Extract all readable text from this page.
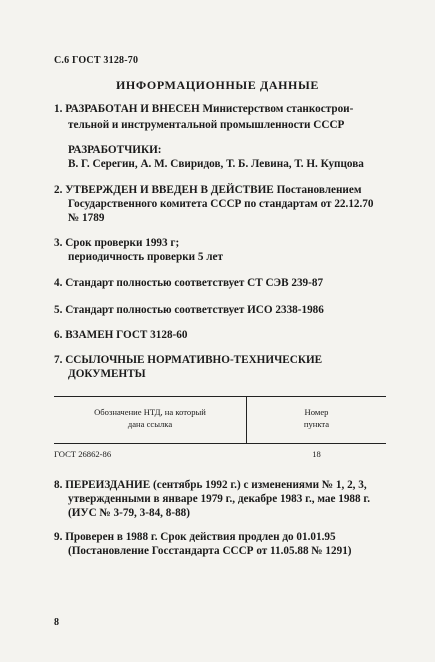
С.6 ГОСТ 3128-70
ИНФОРМАЦИОННЫЕ ДАННЫЕ
1. РАЗРАБОТАН И ВНЕСЕН Министерством станкострои-
тельной и инструментальной промышленности СССР
РАЗРАБОТЧИКИ:
В. Г. Серегин, А. М. Свиридов, Т. Б. Левина, Т. Н. Купцова
2. УТВЕРЖДЕН И ВВЕДЕН В ДЕЙСТВИЕ Постановлением
Государственного комитета СССР по стандартам от 22.12.70
№ 1789
3. Срок проверки 1993 г;
периодичность проверки 5 лет
4. Стандарт полностью соответствует СТ СЭВ 239-87
5. Стандарт полностью соответствует ИСО 2338-1986
6. ВЗАМЕН ГОСТ 3128-60
7. ССЫЛОЧНЫЕ НОРМАТИВНО-ТЕХНИЧЕСКИЕ
ДОКУМЕНТЫ
Обозначение НТД, на который
дана ссылка
Номер
пункта
ГОСТ 26862-86	18
8. ПЕРЕИЗДАНИЕ (сентябрь 1992 г.) с изменениями № 1, 2, 3,
утвержденными в январе 1979 г., декабре 1983 г., мае 1988 г.
(ИУС № 3-79, 3-84, 8-88)
9. Проверен в 1988 г. Срок действия продлен до 01.01.95
(Постановление Госстандарта СССР от 11.05.88 № 1291)
8
